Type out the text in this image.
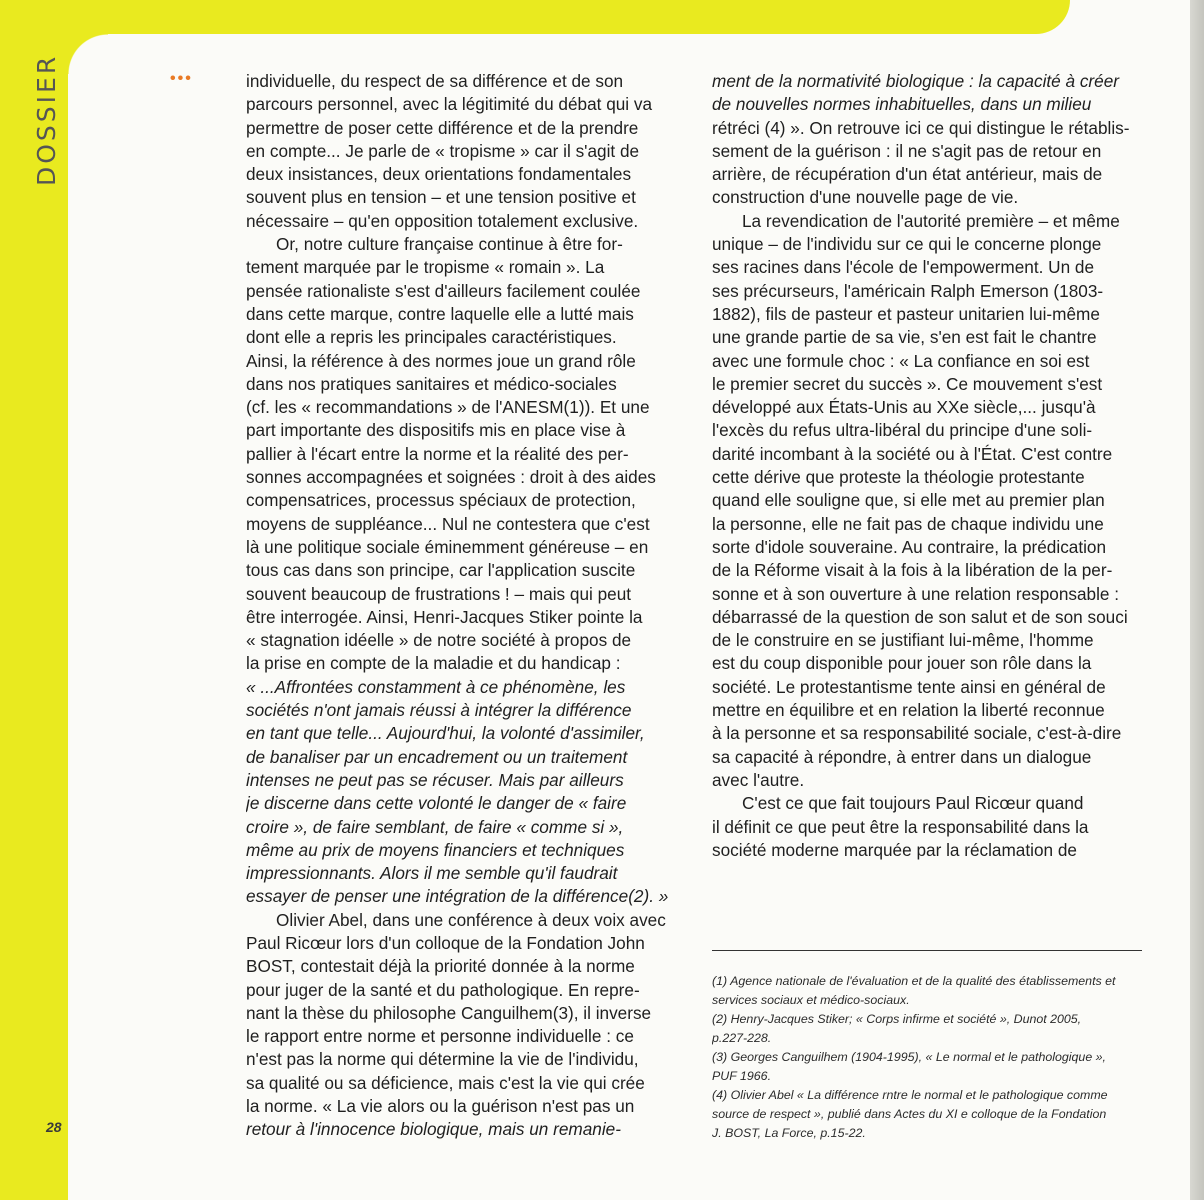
DOSSIER	•••
28
individuelle, du respect de sa différence et de son
parcours personnel, avec la légitimité du débat qui va
permettre de poser cette différence et de la prendre
en compte... Je parle de « tropisme » car il s'agit de
deux insistances, deux orientations fondamentales
souvent plus en tension – et une tension positive et
nécessaire – qu'en opposition totalement exclusive.
Or, notre culture française continue à être for-
tement marquée par le tropisme « romain ». La
pensée rationaliste s'est d'ailleurs facilement coulée
dans cette marque, contre laquelle elle a lutté mais
dont elle a repris les principales caractéristiques.
Ainsi, la référence à des normes joue un grand rôle
dans nos pratiques sanitaires et médico-sociales
(cf. les « recommandations » de l'ANESM(1)). Et une
part importante des dispositifs mis en place vise à
pallier à l'écart entre la norme et la réalité des per-
sonnes accompagnées et soignées : droit à des aides
compensatrices, processus spéciaux de protection,
moyens de suppléance... Nul ne contestera que c'est
là une politique sociale éminemment généreuse – en
tous cas dans son principe, car l'application suscite
souvent beaucoup de frustrations ! – mais qui peut
être interrogée. Ainsi, Henri-Jacques Stiker pointe la
« stagnation idéelle » de notre société à propos de
la prise en compte de la maladie et du handicap :
« ...Affrontées constamment à ce phénomène, les
sociétés n'ont jamais réussi à intégrer la différence
en tant que telle... Aujourd'hui, la volonté d'assimiler,
de banaliser par un encadrement ou un traitement
intenses ne peut pas se récuser. Mais par ailleurs
je discerne dans cette volonté le danger de « faire
croire », de faire semblant, de faire « comme si »,
même au prix de moyens financiers et techniques
impressionnants. Alors il me semble qu'il faudrait
essayer de penser une intégration de la différence(2). »
Olivier Abel, dans une conférence à deux voix avec
Paul Ricœur lors d'un colloque de la Fondation John
BOST, contestait déjà la priorité donnée à la norme
pour juger de la santé et du pathologique. En repre-
nant la thèse du philosophe Canguilhem(3), il inverse
le rapport entre norme et personne individuelle : ce
n'est pas la norme qui détermine la vie de l'individu,
sa qualité ou sa déficience, mais c'est la vie qui crée
la norme. « La vie alors ou la guérison n'est pas un
retour à l'innocence biologique, mais un remanie-
ment de la normativité biologique : la capacité à créer
de nouvelles normes inhabituelles, dans un milieu
rétréci (4) ». On retrouve ici ce qui distingue le rétablis-
sement de la guérison : il ne s'agit pas de retour en
arrière, de récupération d'un état antérieur, mais de
construction d'une nouvelle page de vie.
La revendication de l'autorité première – et même
unique – de l'individu sur ce qui le concerne plonge
ses racines dans l'école de l'empowerment. Un de
ses précurseurs, l'américain Ralph Emerson (1803-
1882), fils de pasteur et pasteur unitarien lui-même
une grande partie de sa vie, s'en est fait le chantre
avec une formule choc : « La confiance en soi est
le premier secret du succès ». Ce mouvement s'est
développé aux États-Unis au XXe siècle,... jusqu'à
l'excès du refus ultra-libéral du principe d'une soli-
darité incombant à la société ou à l'État. C'est contre
cette dérive que proteste la théologie protestante
quand elle souligne que, si elle met au premier plan
la personne, elle ne fait pas de chaque individu une
sorte d'idole souveraine. Au contraire, la prédication
de la Réforme visait à la fois à la libération de la per-
sonne et à son ouverture à une relation responsable :
débarrassé de la question de son salut et de son souci
de le construire en se justifiant lui-même, l'homme
est du coup disponible pour jouer son rôle dans la
société. Le protestantisme tente ainsi en général de
mettre en équilibre et en relation la liberté reconnue
à la personne et sa responsabilité sociale, c'est-à-dire
sa capacité à répondre, à entrer dans un dialogue
avec l'autre.
C'est ce que fait toujours Paul Ricœur quand
il définit ce que peut être la responsabilité dans la
société moderne marquée par la réclamation de
(1) Agence nationale de l'évaluation et de la qualité des établissements et
services sociaux et médico-sociaux.
(2) Henry-Jacques Stiker; « Corps infirme et société », Dunot 2005,
p.227-228.
(3) Georges Canguilhem (1904-1995), « Le normal et le pathologique »,
PUF 1966.
(4) Olivier Abel « La différence rntre le normal et le pathologique comme
source de respect », publié dans Actes du XI e colloque de la Fondation
J. BOST, La Force, p.15-22.
